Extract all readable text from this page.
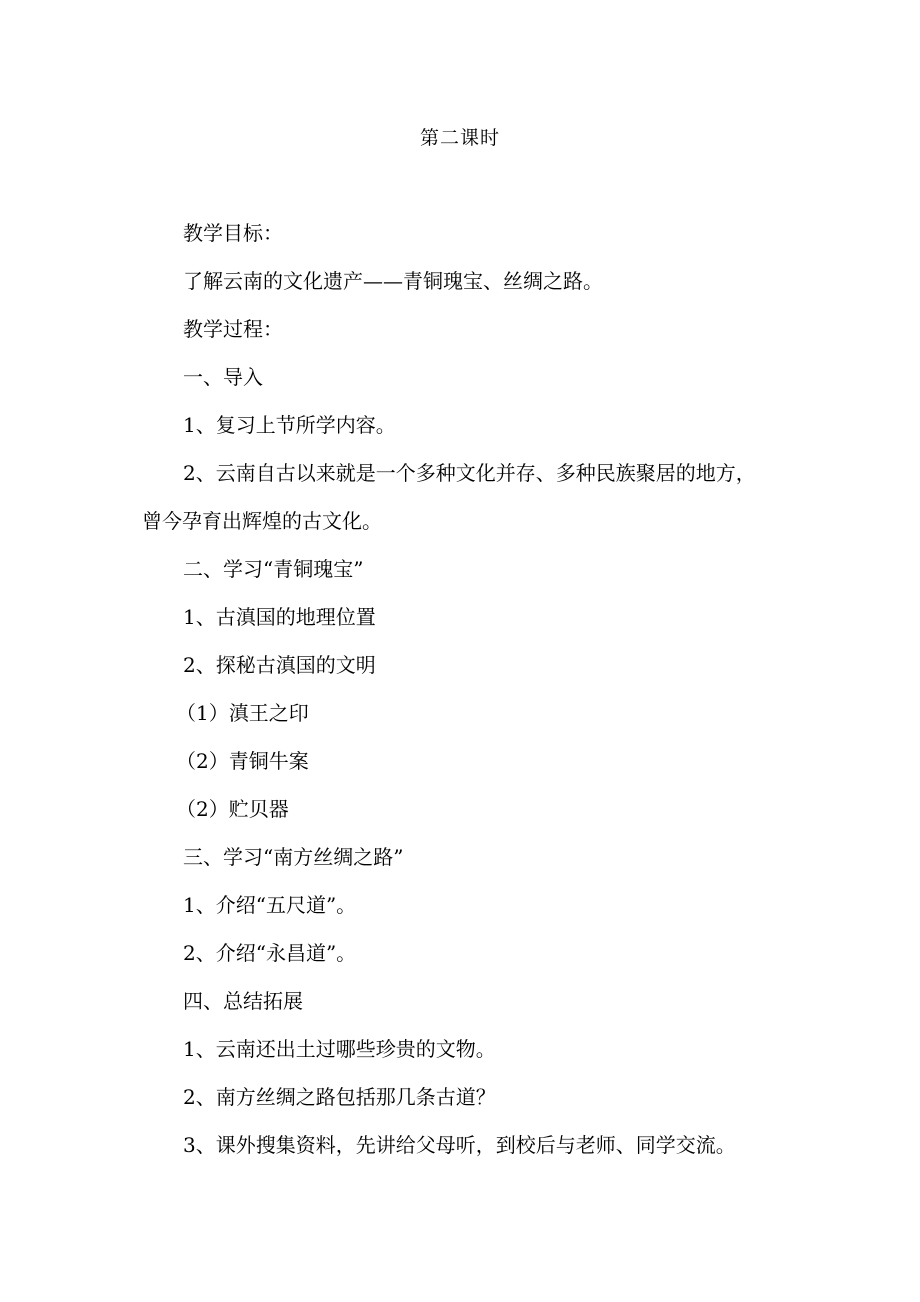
第二课时
教学目标：
了解云南的文化遗产——青铜瑰宝、丝绸之路。
教学过程：
一、导入
1、复习上节所学内容。
2、云南自古以来就是一个多种文化并存、多种民族聚居的地方，
曾今孕育出辉煌的古文化。
二、学习“青铜瑰宝”
1、古滇国的地理位置
2、探秘古滇国的文明
（1）滇王之印
（2）青铜牛案
（2）贮贝器
三、学习“南方丝绸之路”
1、介绍“五尺道”。
2、介绍“永昌道”。
四、总结拓展
1、云南还出土过哪些珍贵的文物。
2、南方丝绸之路包括那几条古道？
3、课外搜集资料，先讲给父母听，到校后与老师、同学交流。
